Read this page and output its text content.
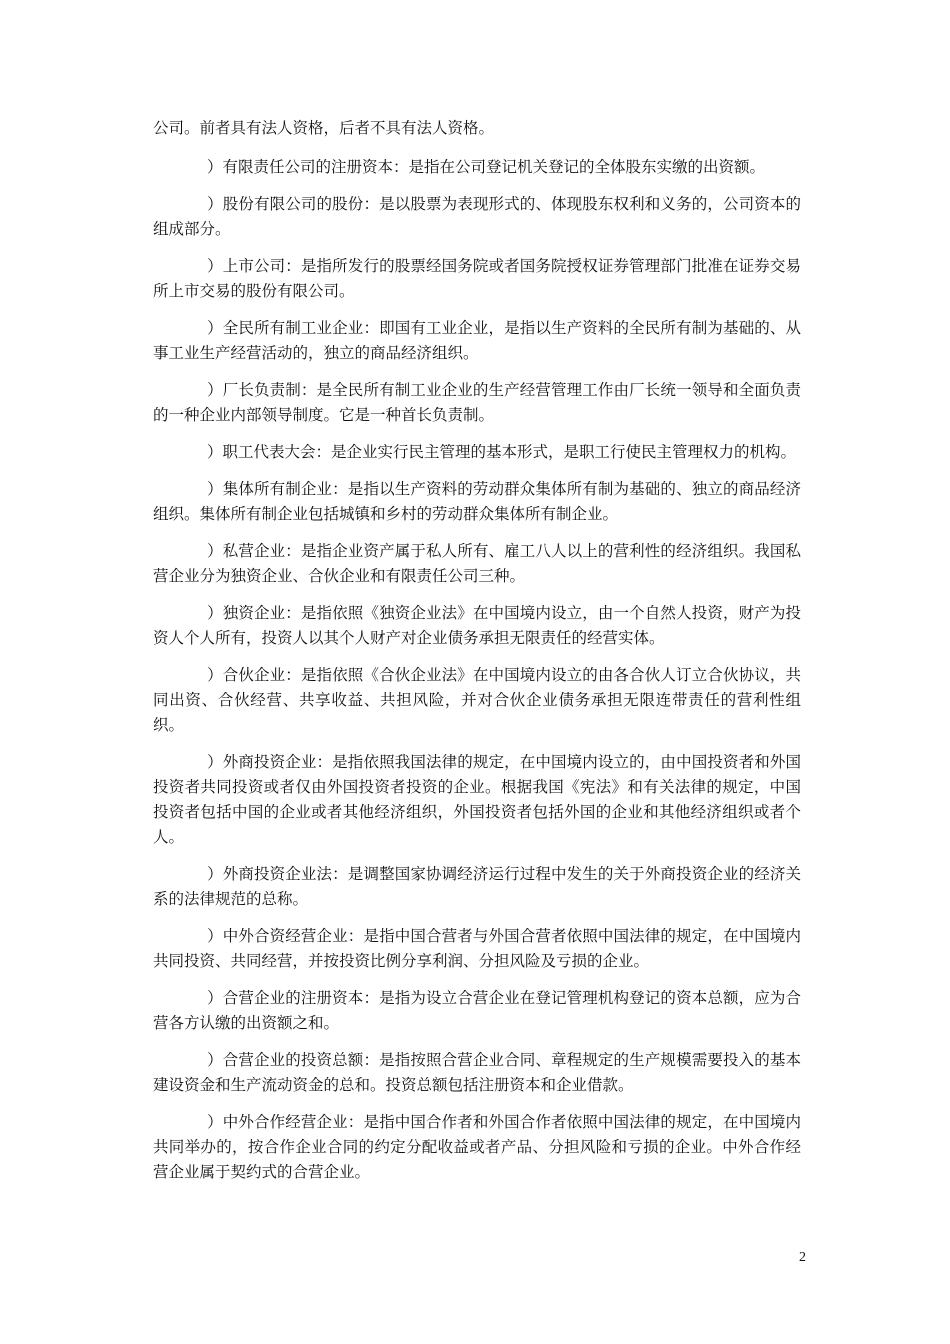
公司。前者具有法人资格，后者不具有法人资格。

）有限责任公司的注册资本：是指在公司登记机关登记的全体股东实缴的出资额。

）股份有限公司的股份：是以股票为表现形式的、体现股东权利和义务的，公司资本的组成部分。

）上市公司：是指所发行的股票经国务院或者国务院授权证券管理部门批准在证券交易所上市交易的股份有限公司。

）全民所有制工业企业：即国有工业企业，是指以生产资料的全民所有制为基础的、从事工业生产经营活动的，独立的商品经济组织。

）厂长负责制：是全民所有制工业企业的生产经营管理工作由厂长统一领导和全面负责的一种企业内部领导制度。它是一种首长负责制。

）职工代表大会：是企业实行民主管理的基本形式，是职工行使民主管理权力的机构。

）集体所有制企业：是指以生产资料的劳动群众集体所有制为基础的、独立的商品经济组织。集体所有制企业包括城镇和乡村的劳动群众集体所有制企业。

）私营企业：是指企业资产属于私人所有、雇工八人以上的营利性的经济组织。我国私营企业分为独资企业、合伙企业和有限责任公司三种。

）独资企业：是指依照《独资企业法》在中国境内设立，由一个自然人投资，财产为投资人个人所有，投资人以其个人财产对企业债务承担无限责任的经营实体。

）合伙企业：是指依照《合伙企业法》在中国境内设立的由各合伙人订立合伙协议，共同出资、合伙经营、共享收益、共担风险，并对合伙企业债务承担无限连带责任的营利性组织。

）外商投资企业：是指依照我国法律的规定，在中国境内设立的，由中国投资者和外国投资者共同投资或者仅由外国投资者投资的企业。根据我国《宪法》和有关法律的规定，中国投资者包括中国的企业或者其他经济组织，外国投资者包括外国的企业和其他经济组织或者个人。

）外商投资企业法：是调整国家协调经济运行过程中发生的关于外商投资企业的经济关系的法律规范的总称。

）中外合资经营企业：是指中国合营者与外国合营者依照中国法律的规定，在中国境内共同投资、共同经营，并按投资比例分享利润、分担风险及亏损的企业。

）合营企业的注册资本：是指为设立合营企业在登记管理机构登记的资本总额，应为合营各方认缴的出资额之和。

）合营企业的投资总额：是指按照合营企业合同、章程规定的生产规模需要投入的基本建设资金和生产流动资金的总和。投资总额包括注册资本和企业借款。

）中外合作经营企业：是指中国合作者和外国合作者依照中国法律的规定，在中国境内共同举办的，按合作企业合同的约定分配收益或者产品、分担风险和亏损的企业。中外合作经营企业属于契约式的合营企业。

2
